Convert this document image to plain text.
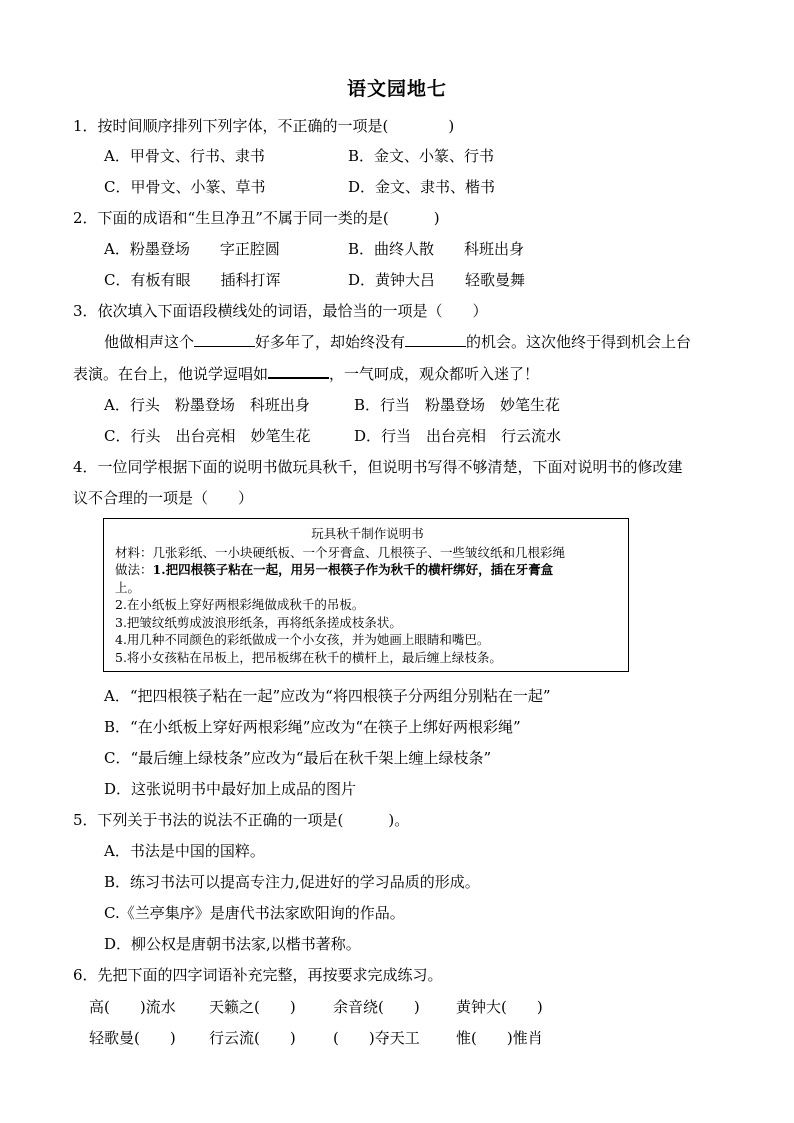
语文园地七
1．按时间顺序排列下列字体，不正确的一项是(　　　　)
A．甲骨文、行书、隶书	B．金文、小篆、行书
C．甲骨文、小篆、草书	D．金文、隶书、楷书
2．下面的成语和“生旦净丑”不属于同一类的是(　　　)
A．粉墨登场　　字正腔圆	B．曲终人散　　科班出身
C．有板有眼　　插科打诨	D．黄钟大吕　　轻歌曼舞
3．依次填入下面语段横线处的词语，最恰当的一项是（　　）
他做相声这个	好多年了，却始终没有	的机会。这次他终于得到机会上台
表演。在台上，他说学逗唱如	，一气呵成，观众都听入迷了！
A．行头　粉墨登场　科班出身	B．行当　粉墨登场　妙笔生花
C．行头　出台亮相　妙笔生花	D．行当　出台亮相　行云流水
4．一位同学根据下面的说明书做玩具秋千，但说明书写得不够清楚，下面对说明书的修改建
议不合理的一项是（　　）
玩具秋千制作说明书
材料：几张彩纸、一小块硬纸板、一个牙膏盒、几根筷子、一些皱纹纸和几根彩绳
做法：1.把四根筷子粘在一起，用另一根筷子作为秋千的横杆绑好，插在牙膏盒
上。
2.在小纸板上穿好两根彩绳做成秋千的吊板。
3.把皱纹纸剪成波浪形纸条，再将纸条搓成枝条状。
4.用几种不同颜色的彩纸做成一个小女孩，并为她画上眼睛和嘴巴。
5.将小女孩粘在吊板上，把吊板绑在秋千的横杆上，最后缠上绿枝条。
A．“把四根筷子粘在一起”应改为“将四根筷子分两组分别粘在一起”
B．“在小纸板上穿好两根彩绳”应改为“在筷子上绑好两根彩绳”
C．“最后缠上绿枝条”应改为“最后在秋千架上缠上绿枝条”
D．这张说明书中最好加上成品的图片
5．下列关于书法的说法不正确的一项是(　　　)。
A．书法是中国的国粹。
B．练习书法可以提高专注力,促进好的学习品质的形成。
C.《兰亭集序》是唐代书法家欧阳询的作品。
D．柳公权是唐朝书法家,以楷书著称。
6．先把下面的四字词语补充完整，再按要求完成练习。
高(　　)流水 天籁之(　　) 余音绕(　　) 黄钟大(　　)
轻歌曼(　　) 行云流(　　) (　　)夺天工 惟(　　)惟肖
